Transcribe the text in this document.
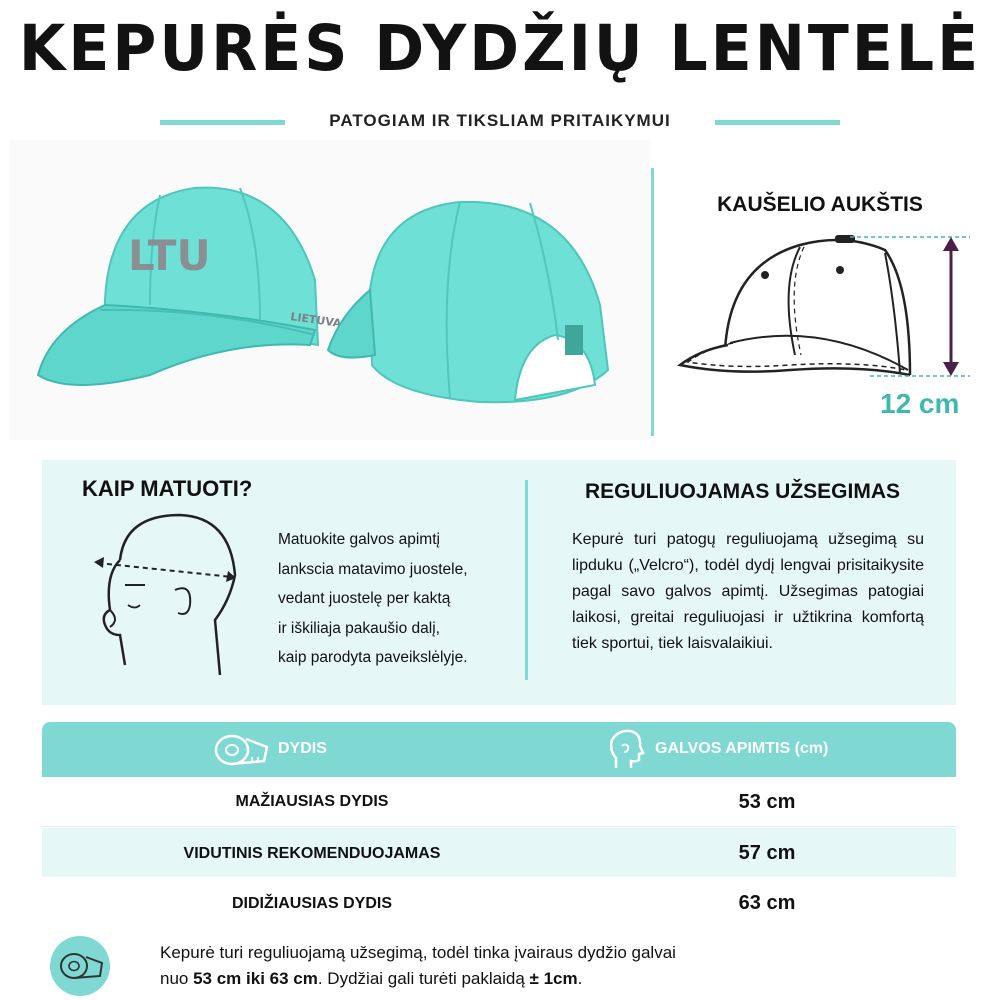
KEPURĖS DYDŽIŲ LENTELĖ
PATOGIAM IR TIKSLIAM PRITAIKYMUI
LTU
LIETUVA
KAUŠELIO AUKŠTIS
12 cm
KAIP MATUOTI?
Matuokite galvos apimtį
lankscia matavimo juostele,
vedant juostelę per kaktą
ir iškiliaja pakaušio dalį,
kaip parodyta paveikslėlyje.
REGULIUOJAMAS UŽSEGIMAS
Kepurė turi patogų reguliuojamą užsegimą su lipduku („Velcro“), todėl dydį lengvai prisitaikysite pagal savo galvos apimtį. Užsegimas patogiai laikosi, greitai reguliuojasi ir užtikrina komfortą tiek sportui, tiek laisvalaikiui.
DYDIS	GALVOS APIMTIS (cm)
MAŽIAUSIAS DYDIS	53 cm
VIDUTINIS REKOMENDUOJAMAS	57 cm
DIDIŽIAUSIAS DYDIS	63 cm
Kepurė turi reguliuojamą užsegimą, todėl tinka įvairaus dydžio galvai
nuo 53 cm iki 63 cm. Dydžiai gali turėti paklaidą ± 1cm.
